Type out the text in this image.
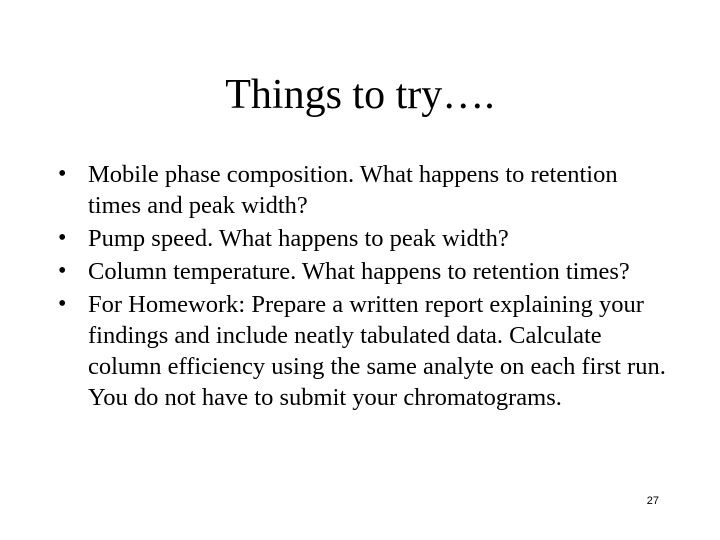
Things to try….
• Mobile phase composition. What happens to retention times and peak width?
• Pump speed. What happens to peak width?
• Column temperature. What happens to retention times?
• For Homework: Prepare a written report explaining your findings and include neatly tabulated data. Calculate column efficiency using the same analyte on each first run. You do not have to submit your chromatograms.
27
